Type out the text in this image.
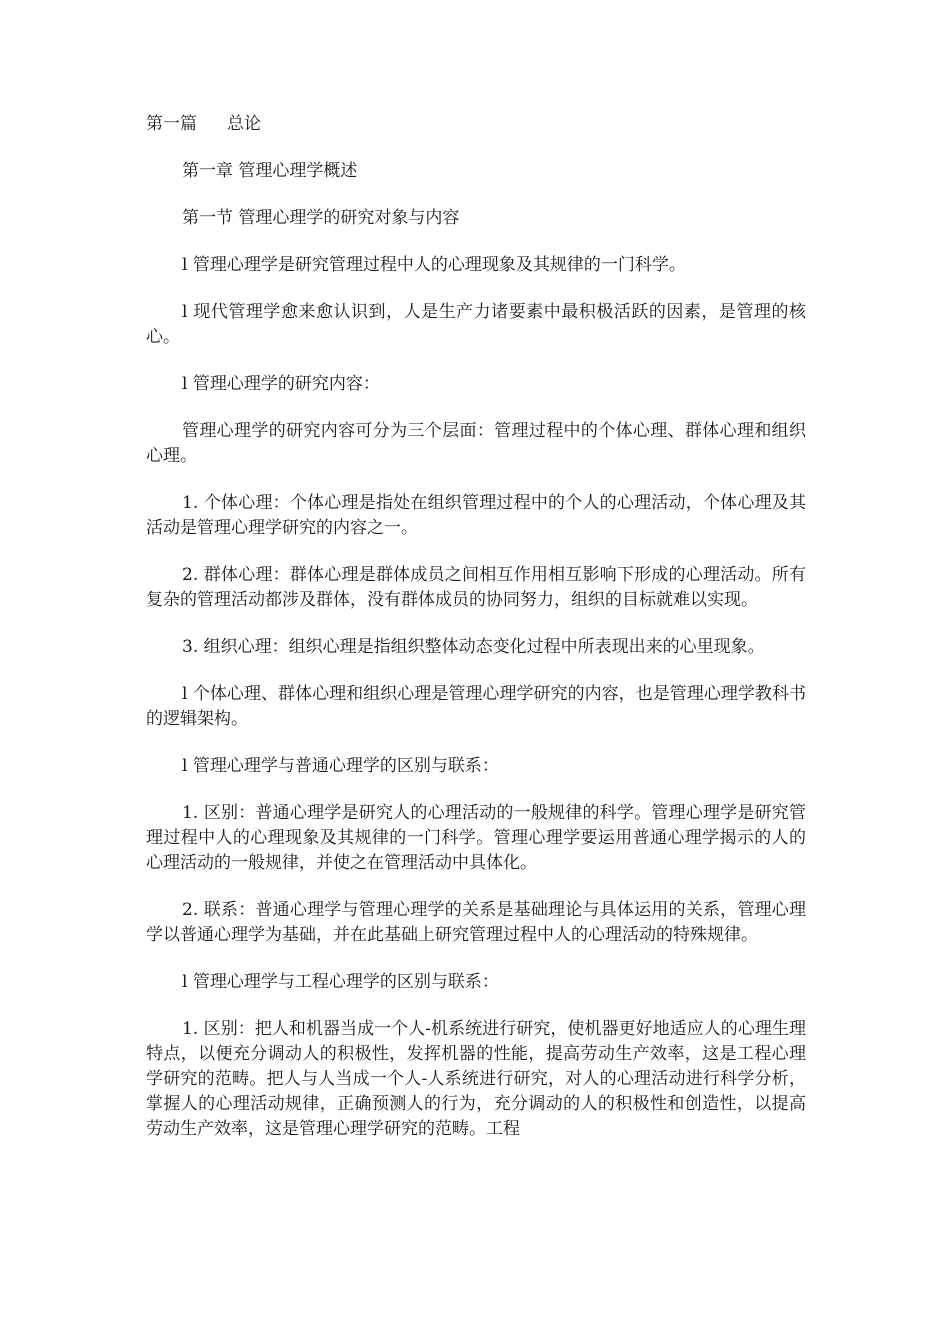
第一篇 总论

第一章 管理心理学概述

第一节 管理心理学的研究对象与内容

l 管理心理学是研究管理过程中人的心理现象及其规律的一门科学。

l 现代管理学愈来愈认识到，人是生产力诸要素中最积极活跃的因素，是管理的核心。

l 管理心理学的研究内容：

管理心理学的研究内容可分为三个层面：管理过程中的个体心理、群体心理和组织心理。

1. 个体心理：个体心理是指处在组织管理过程中的个人的心理活动，个体心理及其活动是管理心理学研究的内容之一。

2. 群体心理：群体心理是群体成员之间相互作用相互影响下形成的心理活动。所有复杂的管理活动都涉及群体，没有群体成员的协同努力，组织的目标就难以实现。

3. 组织心理：组织心理是指组织整体动态变化过程中所表现出来的心里现象。

l 个体心理、群体心理和组织心理是管理心理学研究的内容，也是管理心理学教科书的逻辑架构。

l 管理心理学与普通心理学的区别与联系：

1. 区别：普通心理学是研究人的心理活动的一般规律的科学。管理心理学是研究管理过程中人的心理现象及其规律的一门科学。管理心理学要运用普通心理学揭示的人的心理活动的一般规律，并使之在管理活动中具体化。

2. 联系：普通心理学与管理心理学的关系是基础理论与具体运用的关系，管理心理学以普通心理学为基础，并在此基础上研究管理过程中人的心理活动的特殊规律。

l 管理心理学与工程心理学的区别与联系：

1. 区别：把人和机器当成一个人-机系统进行研究，使机器更好地适应人的心理生理特点，以便充分调动人的积极性，发挥机器的性能，提高劳动生产效率，这是工程心理学研究的范畴。把人与人当成一个人-人系统进行研究，对人的心理活动进行科学分析，掌握人的心理活动规律，正确预测人的行为，充分调动的人的积极性和创造性，以提高劳动生产效率，这是管理心理学研究的范畴。工程
